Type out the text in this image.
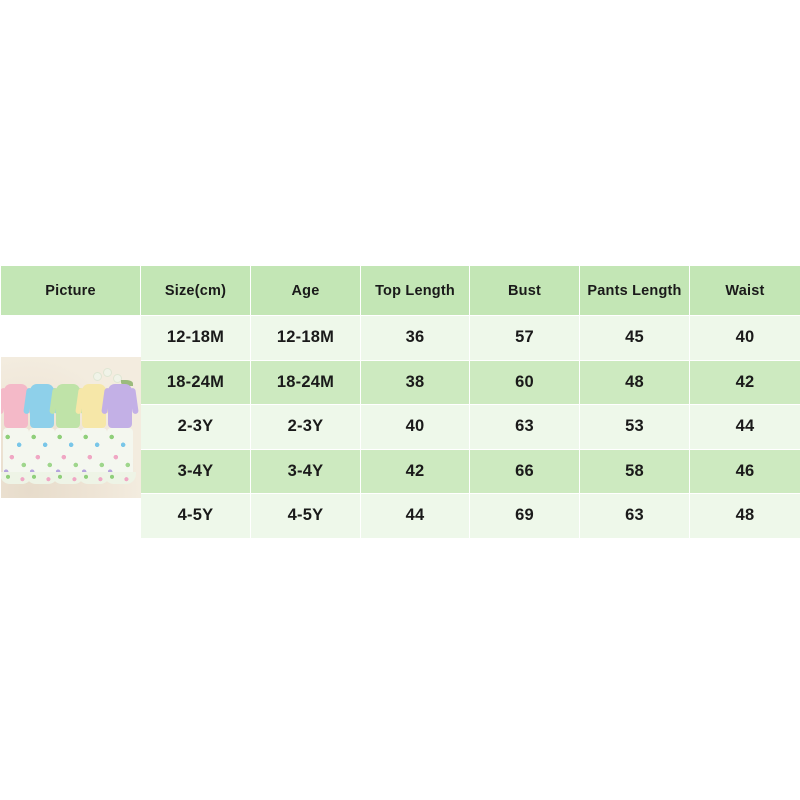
Picture	Size(cm)	Age	Top Length	Bust	Pants Length	Waist

	12-18M	12-18M	36	57	45	40
	18-24M	18-24M	38	60	48	42
	2-3Y	2-3Y	40	63	53	44
	3-4Y	3-4Y	42	66	58	46
	4-5Y	4-5Y	44	69	63	48
